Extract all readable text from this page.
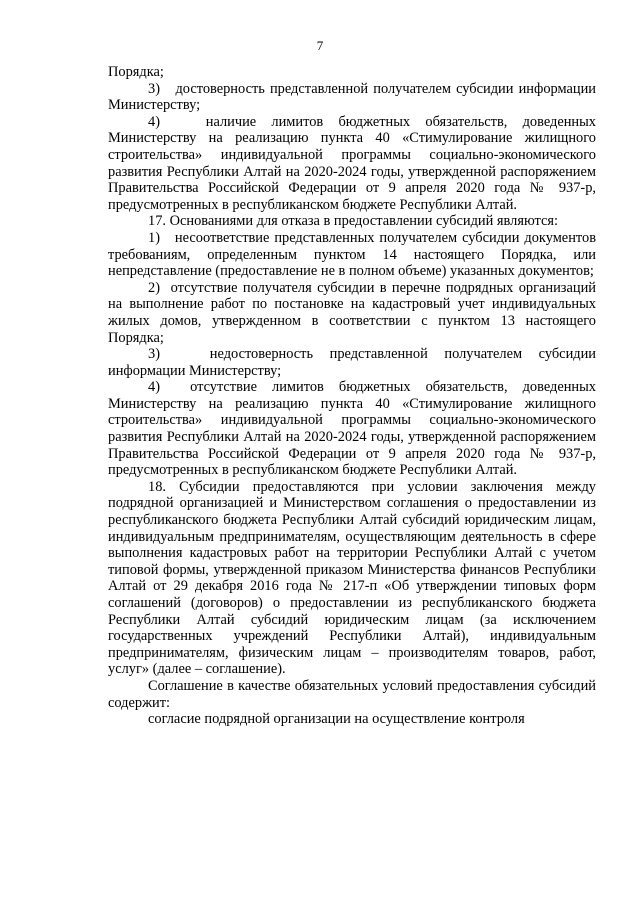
7

Порядка;

3)   достоверность представленной получателем субсидии информации Министерству;

4)   наличие лимитов бюджетных обязательств, доведенных Министерству на реализацию пункта 40 «Стимулирование жилищного строительства» индивидуальной программы социально-экономического развития Республики Алтай на 2020-2024 годы, утвержденной распоряжением Правительства Российской Федерации от 9 апреля 2020 года № 937-р, предусмотренных в республиканском бюджете Республики Алтай.

17. Основаниями для отказа в предоставлении субсидий являются:

1)   несоответствие представленных получателем субсидии документов требованиям, определенным пунктом 14 настоящего Порядка, или непредставление (предоставление не в полном объеме) указанных документов;

2)  отсутствие получателя субсидии в перечне подрядных организаций на выполнение работ по постановке на кадастровый учет индивидуальных жилых домов, утвержденном в соответствии с пунктом 13 настоящего Порядка;

3)   недостоверность представленной получателем субсидии информации Министерству;

4)  отсутствие лимитов бюджетных обязательств, доведенных Министерству на реализацию пункта 40 «Стимулирование жилищного строительства» индивидуальной программы социально-экономического развития Республики Алтай на 2020-2024 годы, утвержденной распоряжением Правительства Российской Федерации от 9 апреля 2020 года № 937-р, предусмотренных в республиканском бюджете Республики Алтай.

18. Субсидии предоставляются при условии заключения между подрядной организацией и Министерством соглашения о предоставлении из республиканского бюджета Республики Алтай субсидий юридическим лицам, индивидуальным предпринимателям, осуществляющим деятельность в сфере выполнения кадастровых работ на территории Республики Алтай с учетом типовой формы, утвержденной приказом Министерства финансов Республики Алтай от 29 декабря 2016 года № 217-п «Об утверждении типовых форм соглашений (договоров) о предоставлении из республиканского бюджета Республики Алтай субсидий юридическим лицам (за исключением государственных учреждений Республики Алтай), индивидуальным предпринимателям, физическим лицам – производителям товаров, работ, услуг» (далее – соглашение).

Соглашение в качестве обязательных условий предоставления субсидий содержит:

согласие подрядной организации на осуществление контроля
